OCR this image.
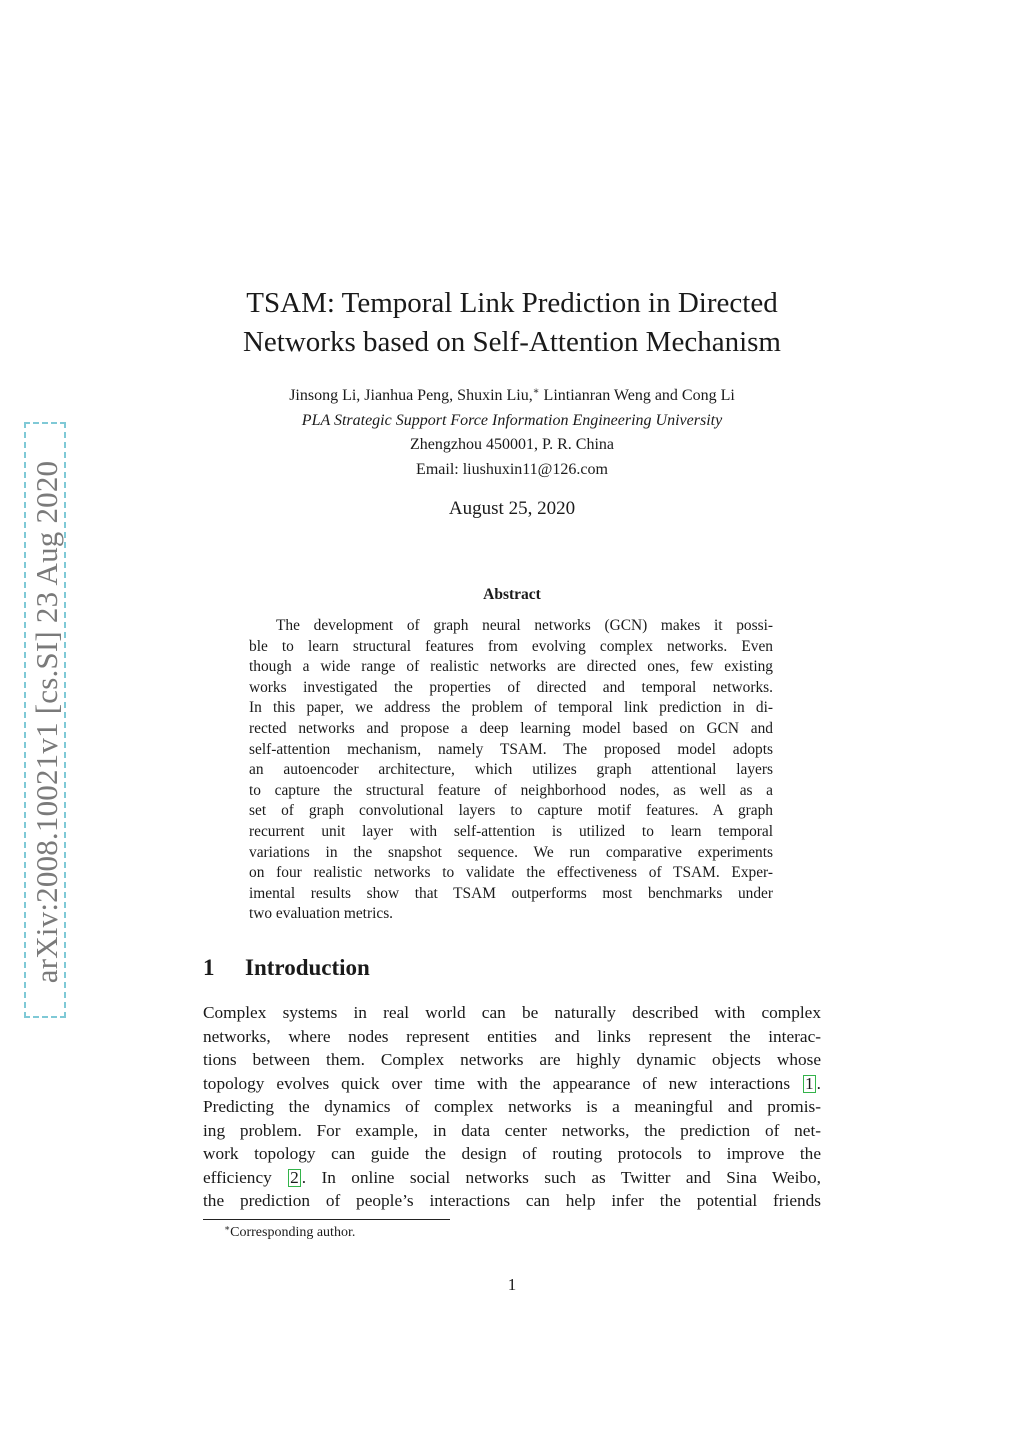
arXiv:2008.10021v1 [cs.SI] 23 Aug 2020
TSAM: Temporal Link Prediction in Directed
Networks based on Self-Attention Mechanism
Jinsong Li, Jianhua Peng, Shuxin Liu,∗ Lintianran Weng and Cong Li
PLA Strategic Support Force Information Engineering University
Zhengzhou 450001, P. R. China
Email: liushuxin11@126.com
August 25, 2020
Abstract
The development of graph neural networks (GCN) makes it possi-
ble to learn structural features from evolving complex networks. Even
though a wide range of realistic networks are directed ones, few existing
works investigated the properties of directed and temporal networks.
In this paper, we address the problem of temporal link prediction in di-
rected networks and propose a deep learning model based on GCN and
self-attention mechanism, namely TSAM. The proposed model adopts
an autoencoder architecture, which utilizes graph attentional layers
to capture the structural feature of neighborhood nodes, as well as a
set of graph convolutional layers to capture motif features. A graph
recurrent unit layer with self-attention is utilized to learn temporal
variations in the snapshot sequence. We run comparative experiments
on four realistic networks to validate the effectiveness of TSAM. Exper-
imental results show that TSAM outperforms most benchmarks under
two evaluation metrics.
1 Introduction
Complex systems in real world can be naturally described with complex
networks, where nodes represent entities and links represent the interac-
tions between them. Complex networks are highly dynamic objects whose
topology evolves quick over time with the appearance of new interactions 1 .
Predicting the dynamics of complex networks is a meaningful and promis-
ing problem. For example, in data center networks, the prediction of net-
work topology can guide the design of routing protocols to improve the
efficiency 2 . In online social networks such as Twitter and Sina Weibo,
the prediction of people’s interactions can help infer the potential friends
∗Corresponding author.
1
